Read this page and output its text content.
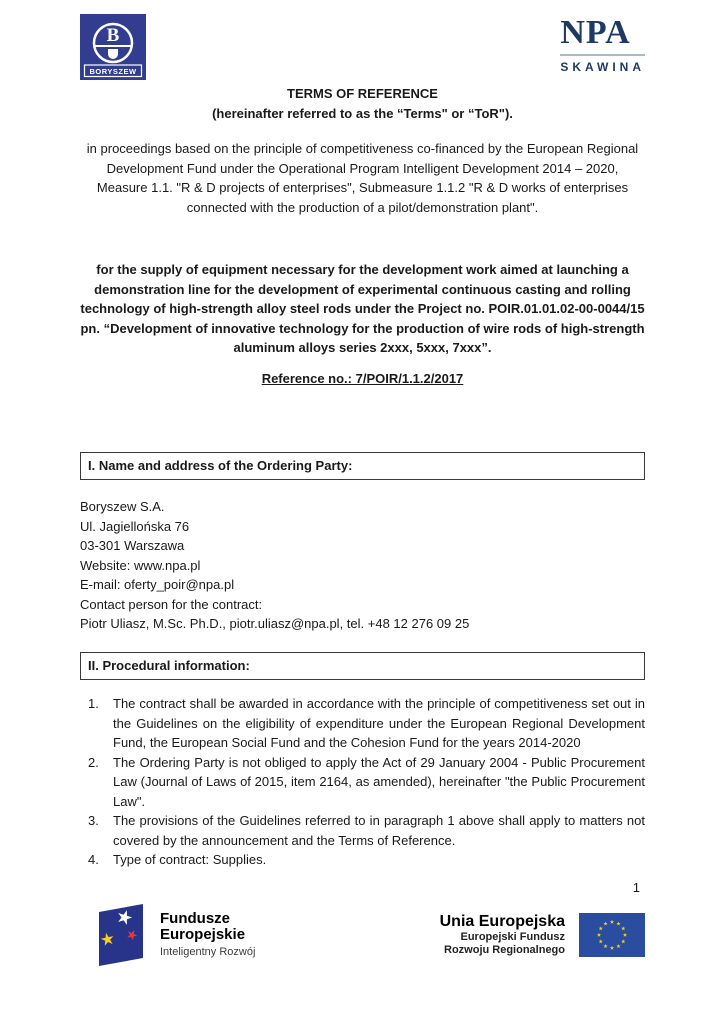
B
BORYSZEW
NPA
SKAWINA
TERMS OF REFERENCE
(hereinafter referred to as the “Terms" or “ToR").

in proceedings based on the principle of competitiveness co-financed by the European Regional Development Fund under the Operational Program Intelligent Development 2014 – 2020, Measure 1.1. "R & D projects of enterprises", Submeasure 1.1.2 "R & D works of enterprises connected with the production of a pilot/demonstration plant".

for the supply of equipment necessary for the development work aimed at launching a demonstration line for the development of experimental continuous casting and rolling technology of high-strength alloy steel rods under the Project no. POIR.01.01.02-00-0044/15 pn. “Development of innovative technology for the production of wire rods of high-strength aluminum alloys series 2xxx, 5xxx, 7xxx”.

Reference no.: 7/POIR/1.1.2/2017

I. Name and address of the Ordering Party:
Boryszew S.A.
Ul. Jagiellońska 76
03-301 Warszawa
Website: www.npa.pl
E-mail: oferty_poir@npa.pl
Contact person for the contract:
Piotr Uliasz, M.Sc. Ph.D., piotr.uliasz@npa.pl, tel. +48 12 276 09 25
II. Procedural information:
1.	The contract shall be awarded in accordance with the principle of competitiveness set out in the Guidelines on the eligibility of expenditure under the European Regional Development Fund, the European Social Fund and the Cohesion Fund for the years 2014-2020
2.	The Ordering Party is not obliged to apply the Act of 29 January 2004 - Public Procurement Law (Journal of Laws of 2015, item 2164, as amended), hereinafter "the Public Procurement Law".
3.	The provisions of the Guidelines referred to in paragraph 1 above shall apply to matters not covered by the announcement and the Terms of Reference.
4.	Type of contract: Supplies.
1
Fundusze
Europejskie
Inteligentny Rozwój
Unia Europejska
Europejski Fundusz
Rozwoju Regionalnego
